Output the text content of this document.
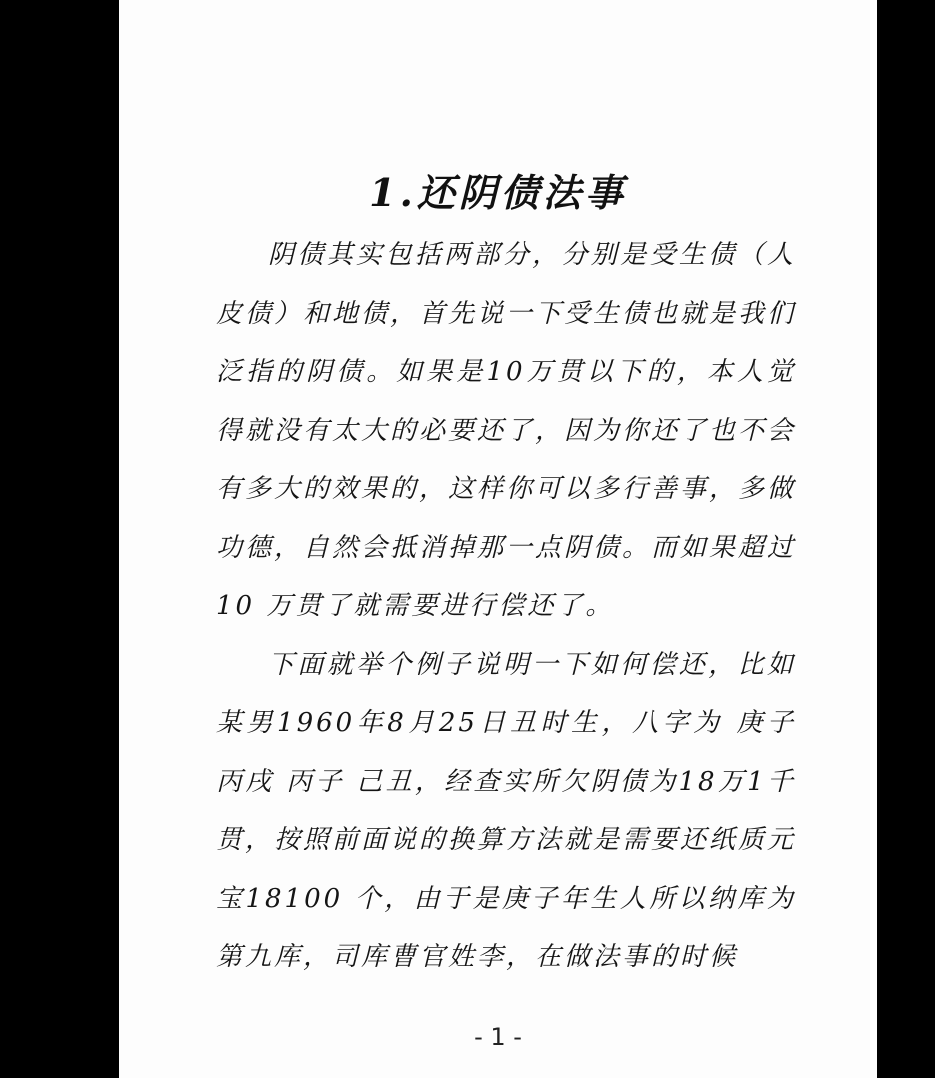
1.还阴债法事

阴债其实包括两部分，分别是受生债（人皮债）和地债，首先说一下受生债也就是我们泛指的阴债。如果是10万贯以下的，本人觉得就没有太大的必要还了，因为你还了也不会有多大的效果的，这样你可以多行善事，多做功德，自然会抵消掉那一点阴债。而如果超过 10 万贯了就需要进行偿还了。

下面就举个例子说明一下如何偿还，比如某男1960年8月25日丑时生，八字为 庚子 丙戌 丙子 己丑，经查实所欠阴债为18万1千贯，按照前面说的换算方法就是需要还纸质元宝18100 个，由于是庚子年生人所以纳库为第九库，司库曹官姓李，在做法事的时候

- 1 -
